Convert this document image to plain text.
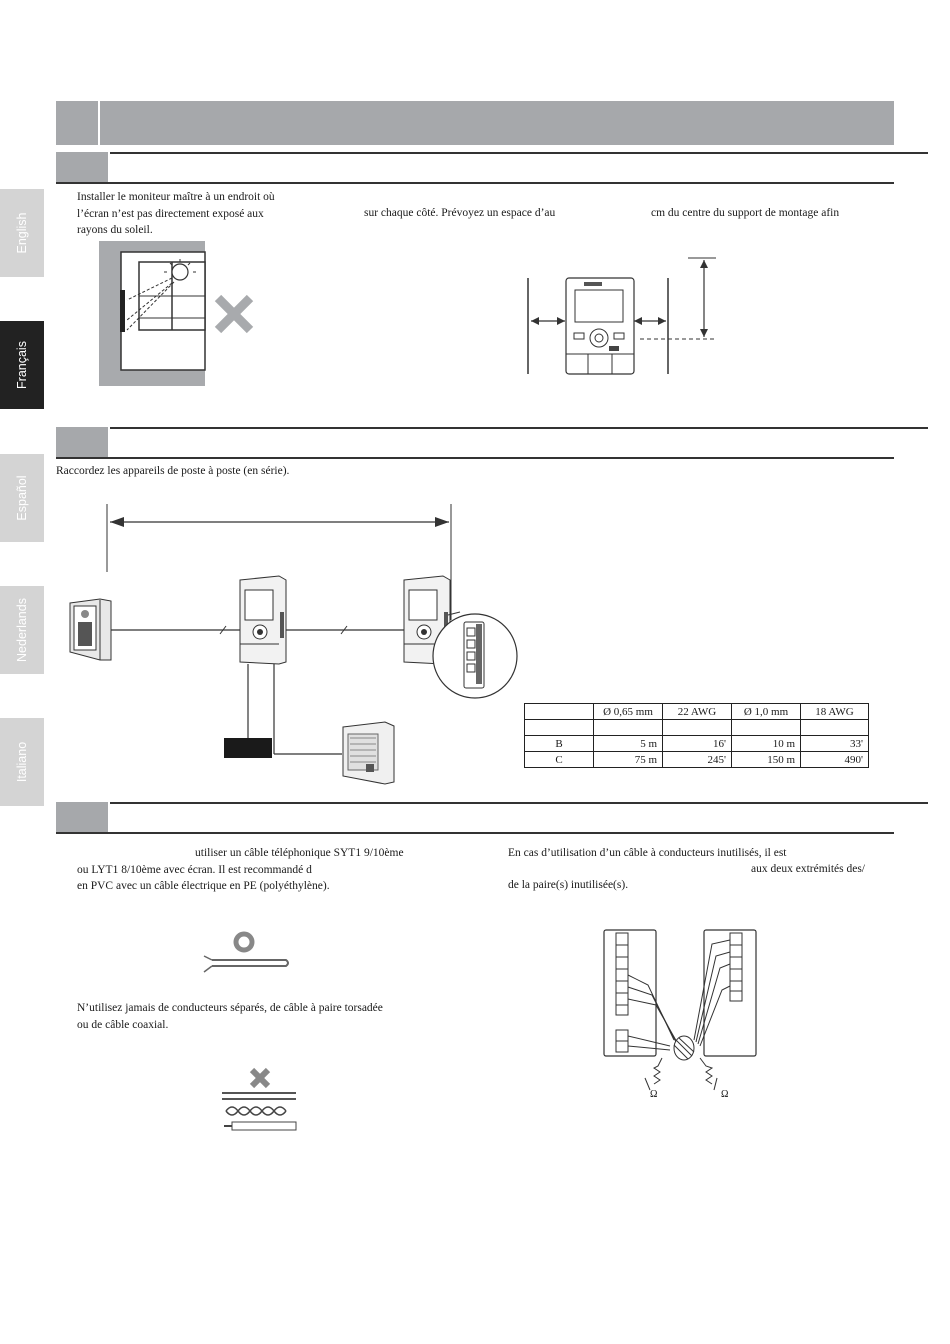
English
Français
Español
Nederlands
Italiano
Installer le moniteur maître à un endroit où
l’écran n’est pas directement exposé aux
rayons du soleil.
sur chaque côté. Prévoyez un espace d’au	cm du centre du support de montage afin
Raccordez les appareils de poste à poste (en série).
	Ø 0,65 mm	22 AWG	Ø 1,0 mm	18 AWG

B	5 m	16'	10 m	33'
C	75 m	245'	150 m	490'
utiliser un câble téléphonique SYT1 9/10ème
ou LYT1 8/10ème avec écran. Il est recommandé d
en PVC avec un câble électrique en PE (polyéthylène).
N’utilisez jamais de conducteurs séparés, de câble à paire torsadée
ou de câble coaxial.
En cas d’utilisation d’un câble à conducteurs inutilisés, il est
aux deux extrémités des/
de la paire(s) inutilisée(s).
Ω	Ω
